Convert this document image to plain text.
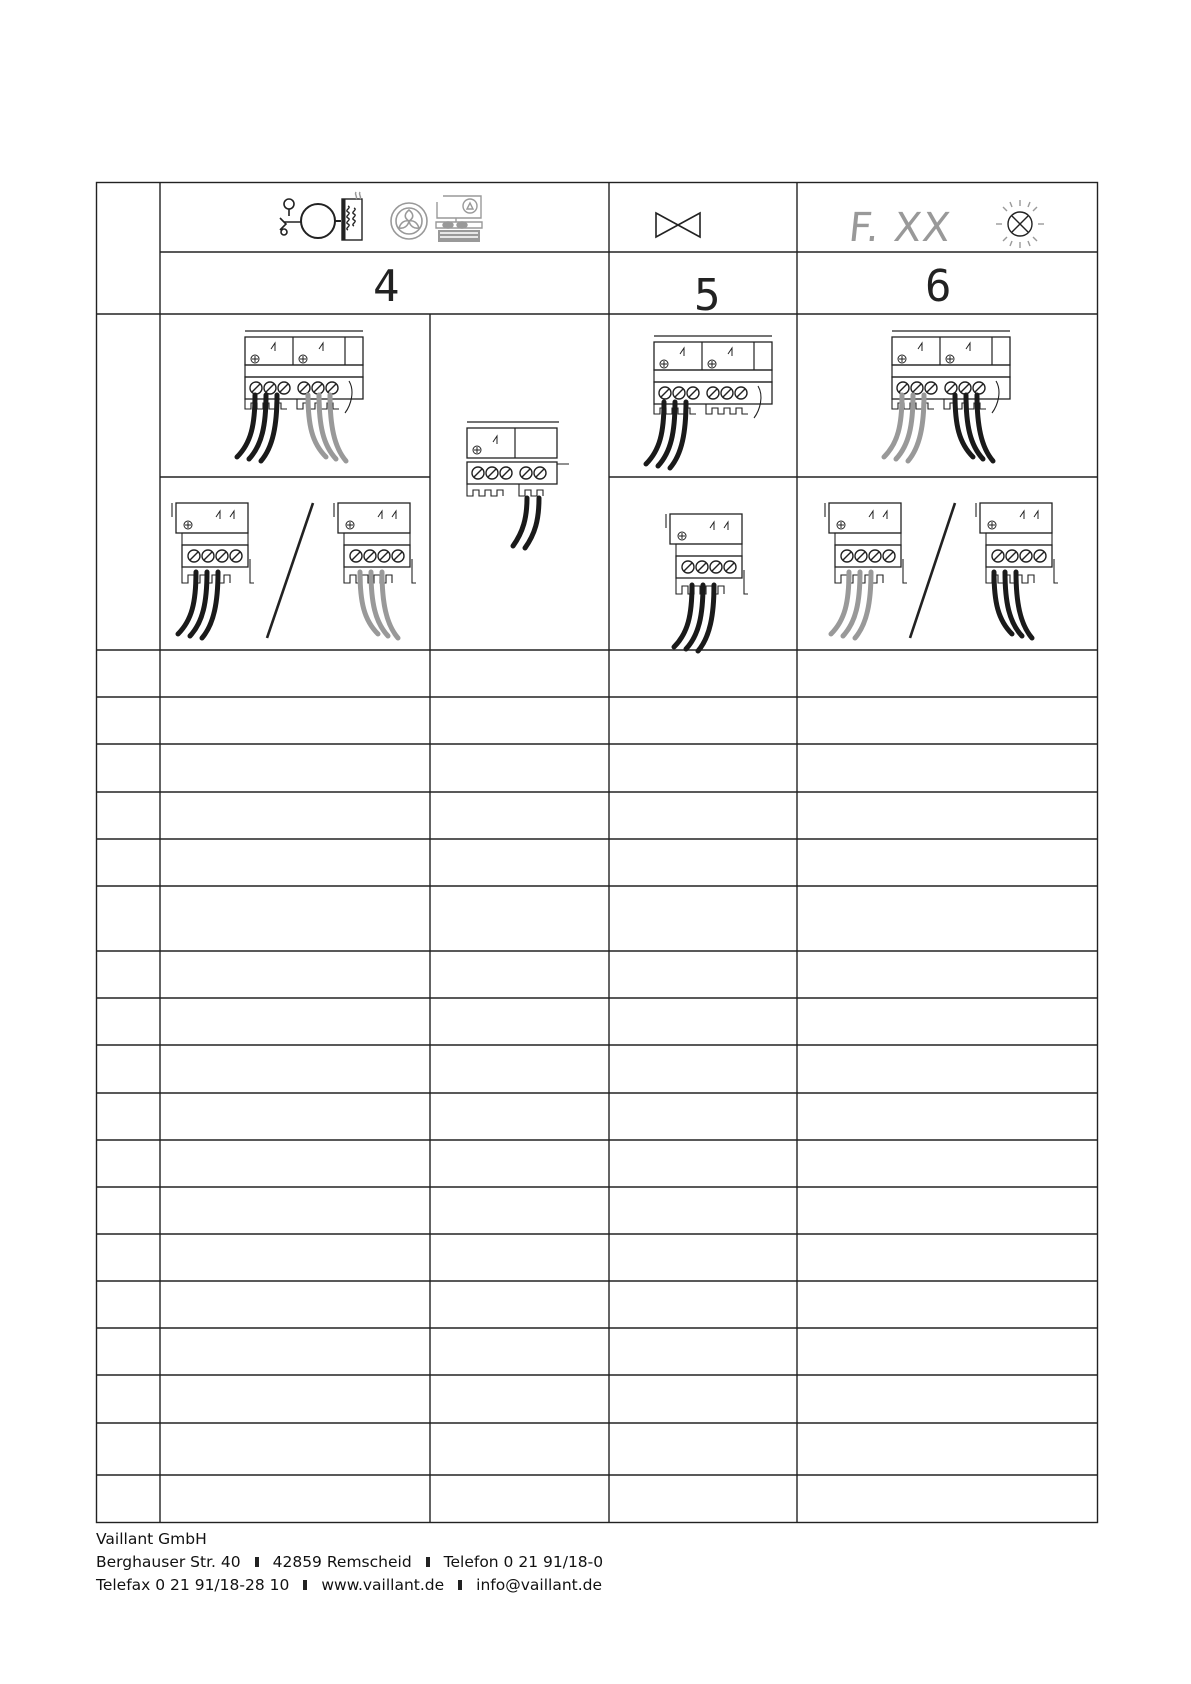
F. XX
4	5	6
Vaillant GmbH
Berghauser Str. 40 42859 Remscheid Telefon 0 21 91/18-0
Telefax 0 21 91/18-28 10 www.vaillant.de info@vaillant.de
